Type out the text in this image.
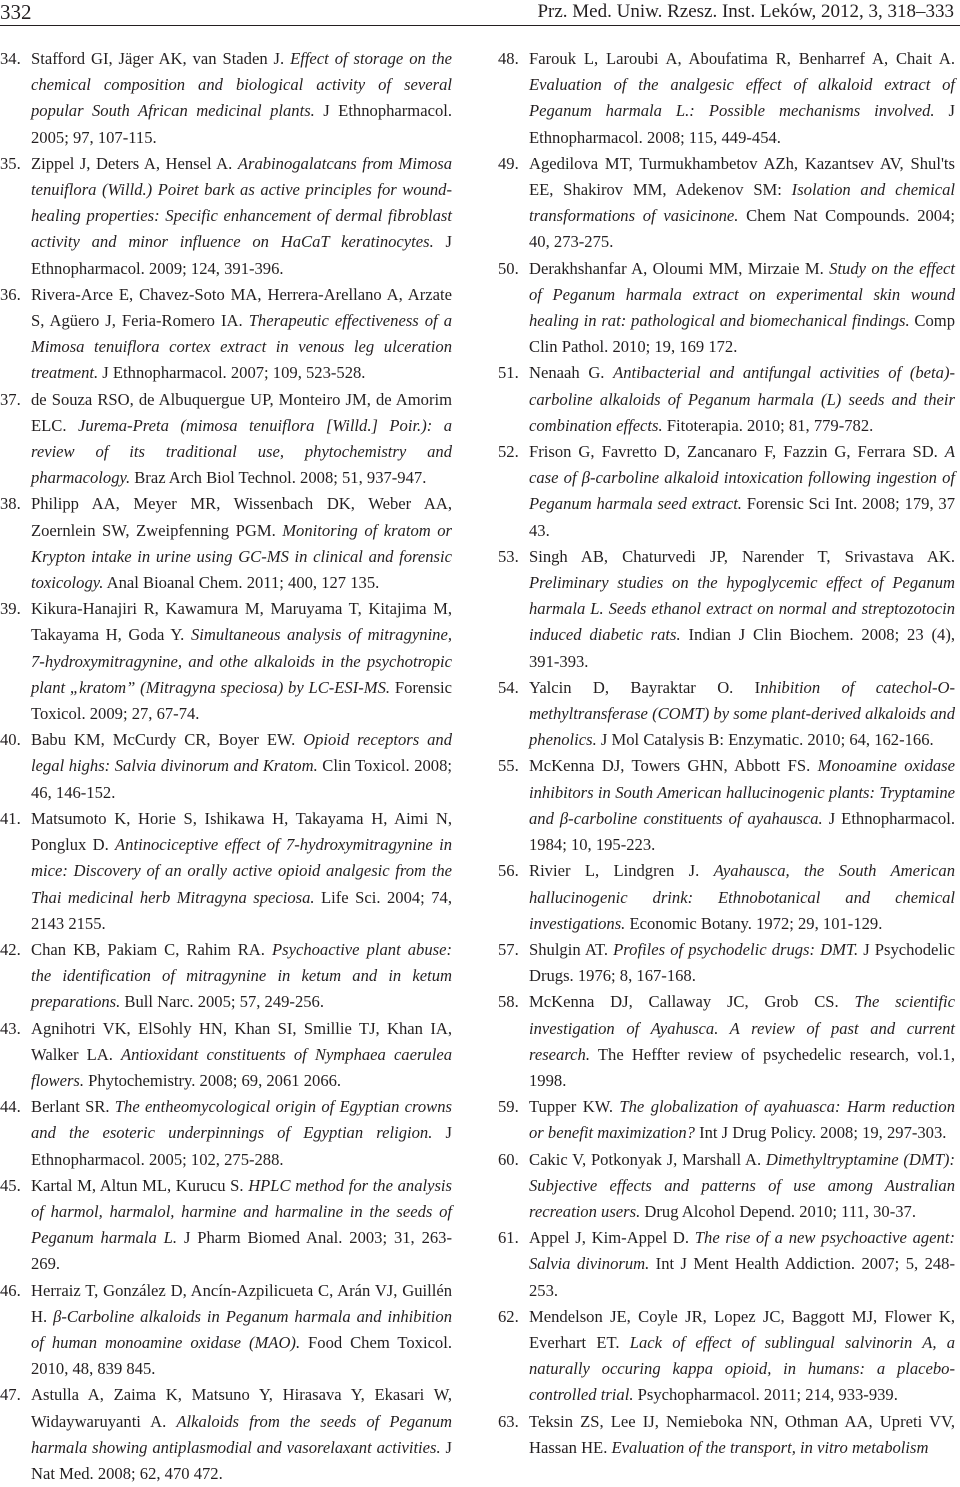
332	Prz. Med. Uniw. Rzesz. Inst. Leków, 2012, 3, 318–333
34. Stafford GI, Jäger AK, van Staden J. Effect of storage on the chemical composition and biological activity of several popular South African medicinal plants. J Ethnopharmacol. 2005; 97, 107-115.
35. Zippel J, Deters A, Hensel A. Arabinogalatcans from Mimosa tenuiflora (Willd.) Poiret bark as active principles for wound-healing properties: Specific enhancement of dermal fibroblast activity and minor influence on HaCaT keratinocytes. J Ethnopharmacol. 2009; 124, 391-396.
36. Rivera-Arce E, Chavez-Soto MA, Herrera-Arellano A, Arzate S, Agüero J, Feria-Romero IA. Therapeutic effectiveness of a Mimosa tenuiflora cortex extract in venous leg ulceration treatment. J Ethnopharmacol. 2007; 109, 523-528.
37. de Souza RSO, de Albuquergue UP, Monteiro JM, de Amorim ELC. Jurema-Preta (mimosa tenuiflora [Willd.] Poir.): a review of its traditional use, phytochemistry and pharmacology. Braz Arch Biol Technol. 2008; 51, 937-947.
38. Philipp AA, Meyer MR, Wissenbach DK, Weber AA, Zoernlein SW, Zweipfenning PGM. Monitoring of kratom or Krypton intake in urine using GC-MS in clinical and forensic toxicology. Anal Bioanal Chem. 2011; 400, 127 135.
39. Kikura-Hanajiri R, Kawamura M, Maruyama T, Kitajima M, Takayama H, Goda Y. Simultaneous analysis of mitragynine, 7-hydroxymitragynine, and othe alkaloids in the psychotropic plant „kratom” (Mitragyna speciosa) by LC-ESI-MS. Forensic Toxicol. 2009; 27, 67-74.
40. Babu KM, McCurdy CR, Boyer EW. Opioid receptors and legal highs: Salvia divinorum and Kratom. Clin Toxicol. 2008; 46, 146-152.
41. Matsumoto K, Horie S, Ishikawa H, Takayama H, Aimi N, Ponglux D. Antinociceptive effect of 7-hydroxymitragynine in mice: Discovery of an orally active opioid analgesic from the Thai medicinal herb Mitragyna speciosa. Life Sci. 2004; 74, 2143 2155.
42. Chan KB, Pakiam C, Rahim RA. Psychoactive plant abuse: the identification of mitragynine in ketum and in ketum preparations. Bull Narc. 2005; 57, 249-256.
43. Agnihotri VK, ElSohly HN, Khan SI, Smillie TJ, Khan IA, Walker LA. Antioxidant constituents of Nymphaea caerulea flowers. Phytochemistry. 2008; 69, 2061 2066.
44. Berlant SR. The entheomycological origin of Egyptian crowns and the esoteric underpinnings of Egyptian religion. J Ethnopharmacol. 2005; 102, 275-288.
45. Kartal M, Altun ML, Kurucu S. HPLC method for the analysis of harmol, harmalol, harmine and harmaline in the seeds of Peganum harmala L. J Pharm Biomed Anal. 2003; 31, 263-269.
46. Herraiz T, González D, Ancín-Azpilicueta C, Arán VJ, Guillén H. β-Carboline alkaloids in Peganum harmala and inhibition of human monoamine oxidase (MAO). Food Chem Toxicol. 2010, 48, 839 845.
47. Astulla A, Zaima K, Matsuno Y, Hirasava Y, Ekasari W, Widaywaruyanti A. Alkaloids from the seeds of Peganum harmala showing antiplasmodial and vasorelaxant activities. J Nat Med. 2008; 62, 470 472.
48. Farouk L, Laroubi A, Aboufatima R, Benharref A, Chait A. Evaluation of the analgesic effect of alkaloid extract of Peganum harmala L.: Possible mechanisms involved. J Ethnopharmacol. 2008; 115, 449-454.
49. Agedilova MT, Turmukhambetov AZh, Kazantsev AV, Shul'ts EE, Shakirov MM, Adekenov SM: Isolation and chemical transformations of vasicinone. Chem Nat Compounds. 2004; 40, 273-275.
50. Derakhshanfar A, Oloumi MM, Mirzaie M. Study on the effect of Peganum harmala extract on experimental skin wound healing in rat: pathological and biomechanical findings. Comp Clin Pathol. 2010; 19, 169 172.
51. Nenaah G. Antibacterial and antifungal activities of (beta)-carboline alkaloids of Peganum harmala (L) seeds and their combination effects. Fitoterapia. 2010; 81, 779-782.
52. Frison G, Favretto D, Zancanaro F, Fazzin G, Ferrara SD. A case of β-carboline alkaloid intoxication following ingestion of Peganum harmala seed extract. Forensic Sci Int. 2008; 179, 37 43.
53. Singh AB, Chaturvedi JP, Narender T, Srivastava AK. Preliminary studies on the hypoglycemic effect of Peganum harmala L. Seeds ethanol extract on normal and streptozotocin induced diabetic rats. Indian J Clin Biochem. 2008; 23 (4), 391-393.
54. Yalcin D, Bayraktar O. Inhibition of catechol-O-methyltransferase (COMT) by some plant-derived alkaloids and phenolics. J Mol Catalysis B: Enzymatic. 2010; 64, 162-166.
55. McKenna DJ, Towers GHN, Abbott FS. Monoamine oxidase inhibitors in South American hallucinogenic plants: Tryptamine and β-carboline constituents of ayahausca. J Ethnopharmacol. 1984; 10, 195-223.
56. Rivier L, Lindgren J. Ayahausca, the South American hallucinogenic drink: Ethnobotanical and chemical investigations. Economic Botany. 1972; 29, 101-129.
57. Shulgin AT. Profiles of psychodelic drugs: DMT. J Psychodelic Drugs. 1976; 8, 167-168.
58. McKenna DJ, Callaway JC, Grob CS. The scientific investigation of Ayahusca. A review of past and current research. The Heffter review of psychedelic research, vol.1, 1998.
59. Tupper KW. The globalization of ayahuasca: Harm reduction or benefit maximization? Int J Drug Policy. 2008; 19, 297-303.
60. Cakic V, Potkonyak J, Marshall A. Dimethyltryptamine (DMT): Subjective effects and patterns of use among Australian recreation users. Drug Alcohol Depend. 2010; 111, 30-37.
61. Appel J, Kim-Appel D. The rise of a new psychoactive agent: Salvia divinorum. Int J Ment Health Addiction. 2007; 5, 248-253.
62. Mendelson JE, Coyle JR, Lopez JC, Baggott MJ, Flower K, Everhart ET. Lack of effect of sublingual salvinorin A, a naturally occuring kappa opioid, in humans: a placebo-controlled trial. Psychopharmacol. 2011; 214, 933-939.
63. Teksin ZS, Lee IJ, Nemieboka NN, Othman AA, Upreti VV, Hassan HE. Evaluation of the transport, in vitro metabolism
